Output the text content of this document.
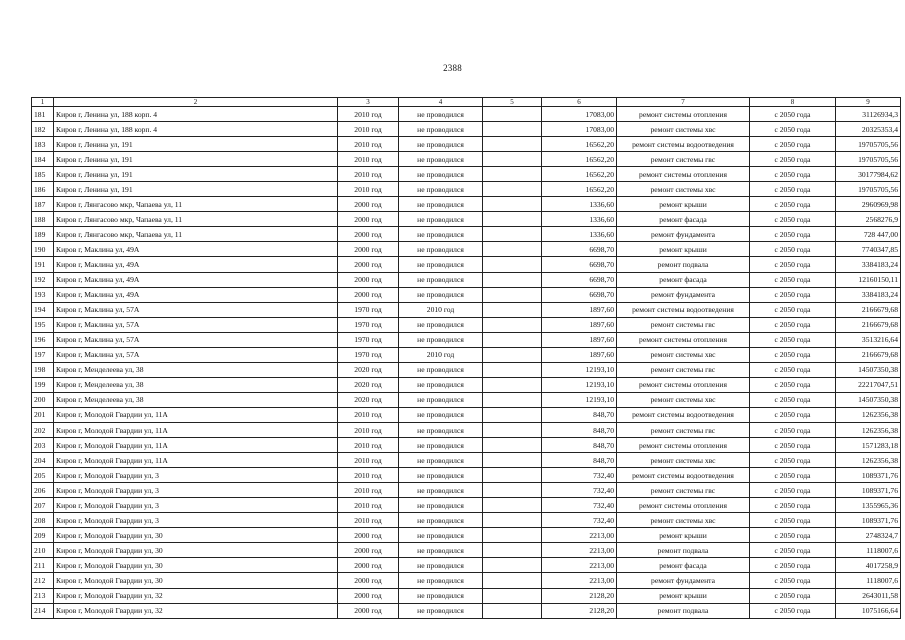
2388
1	2	3	4	5	6	7	8	9
181	Киров г, Ленина ул, 188 корп. 4	2010 год	не проводился		17083,00	ремонт системы отопления	с 2050 года	31126934,3
182	Киров г, Ленина ул, 188 корп. 4	2010 год	не проводился		17083,00	ремонт системы хвс	с 2050 года	20325353,4
183	Киров г, Ленина ул, 191	2010 год	не проводился		16562,20	ремонт системы водоотведения	с 2050 года	19705705,56
184	Киров г, Ленина ул, 191	2010 год	не проводился		16562,20	ремонт системы гвс	с 2050 года	19705705,56
185	Киров г, Ленина ул, 191	2010 год	не проводился		16562,20	ремонт системы отопления	с 2050 года	30177984,62
186	Киров г, Ленина ул, 191	2010 год	не проводился		16562,20	ремонт системы хвс	с 2050 года	19705705,56
187	Киров г, Лянгасово мкр, Чапаева ул, 11	2000 год	не проводился		1336,60	ремонт крыши	с 2050 года	2960969,98
188	Киров г, Лянгасово мкр, Чапаева ул, 11	2000 год	не проводился		1336,60	ремонт фасада	с 2050 года	2568276,9
189	Киров г, Лянгасово мкр, Чапаева ул, 11	2000 год	не проводился		1336,60	ремонт фундамента	с 2050 года	728 447,00
190	Киров г, Маклина ул, 49А	2000 год	не проводился		6698,70	ремонт крыши	с 2050 года	7740347,85
191	Киров г, Маклина ул, 49А	2000 год	не проводился		6698,70	ремонт подвала	с 2050 года	3384183,24
192	Киров г, Маклина ул, 49А	2000 год	не проводился		6698,70	ремонт фасада	с 2050 года	12160150,11
193	Киров г, Маклина ул, 49А	2000 год	не проводился		6698,70	ремонт фундамента	с 2050 года	3384183,24
194	Киров г, Маклина ул, 57А	1970 год	2010 год		1897,60	ремонт системы водоотведения	с 2050 года	2166679,68
195	Киров г, Маклина ул, 57А	1970 год	не проводился		1897,60	ремонт системы гвс	с 2050 года	2166679,68
196	Киров г, Маклина ул, 57А	1970 год	не проводился		1897,60	ремонт системы отопления	с 2050 года	3513216,64
197	Киров г, Маклина ул, 57А	1970 год	2010 год		1897,60	ремонт системы хвс	с 2050 года	2166679,68
198	Киров г, Менделеева ул, 38	2020 год	не проводился		12193,10	ремонт системы гвс	с 2050 года	14507350,38
199	Киров г, Менделеева ул, 38	2020 год	не проводился		12193,10	ремонт системы отопления	с 2050 года	22217047,51
200	Киров г, Менделеева ул, 38	2020 год	не проводился		12193,10	ремонт системы хвс	с 2050 года	14507350,38
201	Киров г, Молодой Гвардии ул, 11А	2010 год	не проводился		848,70	ремонт системы водоотведения	с 2050 года	1262356,38
202	Киров г, Молодой Гвардии ул, 11А	2010 год	не проводился		848,70	ремонт системы гвс	с 2050 года	1262356,38
203	Киров г, Молодой Гвардии ул, 11А	2010 год	не проводился		848,70	ремонт системы отопления	с 2050 года	1571283,18
204	Киров г, Молодой Гвардии ул, 11А	2010 год	не проводился		848,70	ремонт системы хвс	с 2050 года	1262356,38
205	Киров г, Молодой Гвардии ул, 3	2010 год	не проводился		732,40	ремонт системы водоотведения	с 2050 года	1089371,76
206	Киров г, Молодой Гвардии ул, 3	2010 год	не проводился		732,40	ремонт системы гвс	с 2050 года	1089371,76
207	Киров г, Молодой Гвардии ул, 3	2010 год	не проводился		732,40	ремонт системы отопления	с 2050 года	1355965,36
208	Киров г, Молодой Гвардии ул, 3	2010 год	не проводился		732,40	ремонт системы хвс	с 2050 года	1089371,76
209	Киров г, Молодой Гвардии ул, 30	2000 год	не проводился		2213,00	ремонт крыши	с 2050 года	2748324,7
210	Киров г, Молодой Гвардии ул, 30	2000 год	не проводился		2213,00	ремонт подвала	с 2050 года	1118007,6
211	Киров г, Молодой Гвардии ул, 30	2000 год	не проводился		2213,00	ремонт фасада	с 2050 года	4017258,9
212	Киров г, Молодой Гвардии ул, 30	2000 год	не проводился		2213,00	ремонт фундамента	с 2050 года	1118007,6
213	Киров г, Молодой Гвардии ул, 32	2000 год	не проводился		2128,20	ремонт крыши	с 2050 года	2643011,58
214	Киров г, Молодой Гвардии ул, 32	2000 год	не проводился		2128,20	ремонт подвала	с 2050 года	1075166,64
